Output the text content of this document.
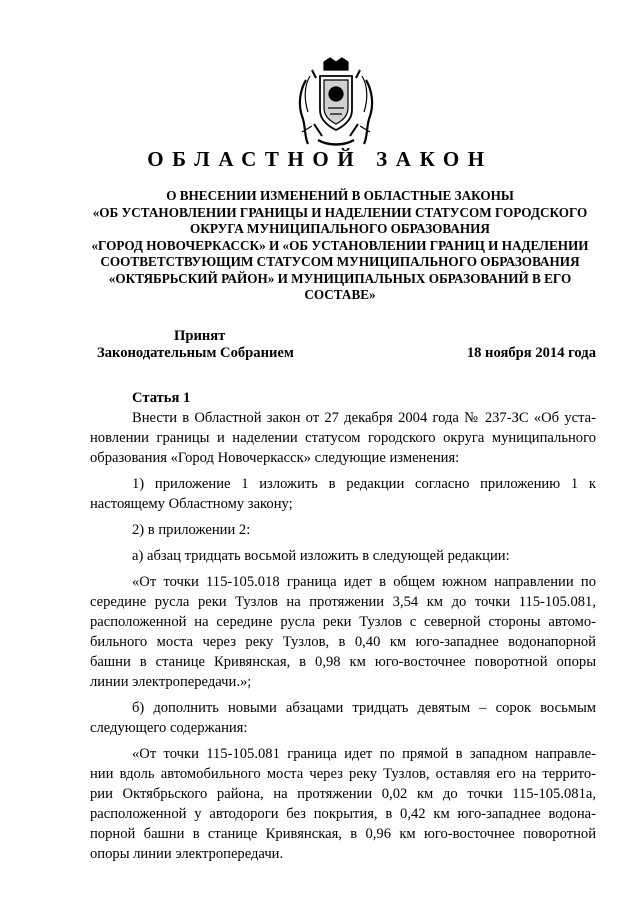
ОБЛАСТНОЙ ЗАКОН
О ВНЕСЕНИИ ИЗМЕНЕНИЙ В ОБЛАСТНЫЕ ЗАКОНЫ
«ОБ УСТАНОВЛЕНИИ ГРАНИЦЫ И НАДЕЛЕНИИ СТАТУСОМ ГОРОДСКОГО
ОКРУГА МУНИЦИПАЛЬНОГО ОБРАЗОВАНИЯ
«ГОРОД НОВОЧЕРКАССК» И «ОБ УСТАНОВЛЕНИИ ГРАНИЦ И НАДЕЛЕНИИ
СООТВЕТСТВУЮЩИМ СТАТУСОМ МУНИЦИПАЛЬНОГО ОБРАЗОВАНИЯ
«ОКТЯБРЬСКИЙ РАЙОН» И МУНИЦИПАЛЬНЫХ ОБРАЗОВАНИЙ В ЕГО
СОСТАВЕ»
Принят
Законодательным Собранием	18 ноября 2014 года
Статья 1
Внести в Областной закон от 27 декабря 2004 года № 237-ЗС «Об уста-
новлении границы и наделении статусом городского округа муниципального
образования «Город Новочеркасск» следующие изменения:
1) приложение 1 изложить в редакции согласно приложению 1 к
настоящему Областному закону;
2) в приложении 2:
а) абзац тридцать восьмой изложить в следующей редакции:
«От точки 115-105.018 граница идет в общем южном направлении по
середине русла реки Тузлов на протяжении 3,54 км до точки 115-105.081,
расположенной на середине русла реки Тузлов с северной стороны автомо-
бильного моста через реку Тузлов, в 0,40 км юго-западнее водонапорной
башни в станице Кривянская, в 0,98 км юго-восточнее поворотной опоры
линии электропередачи.»;
б) дополнить новыми абзацами тридцать девятым – сорок восьмым
следующего содержания:
«От точки 115-105.081 граница идет по прямой в западном направле-
нии вдоль автомобильного моста через реку Тузлов, оставляя его на террито-
рии Октябрьского района, на протяжении 0,02 км до точки 115-105.081а,
расположенной у автодороги без покрытия, в 0,42 км юго-западнее водона-
порной башни в станице Кривянская, в 0,96 км юго-восточнее поворотной
опоры линии электропередачи.
